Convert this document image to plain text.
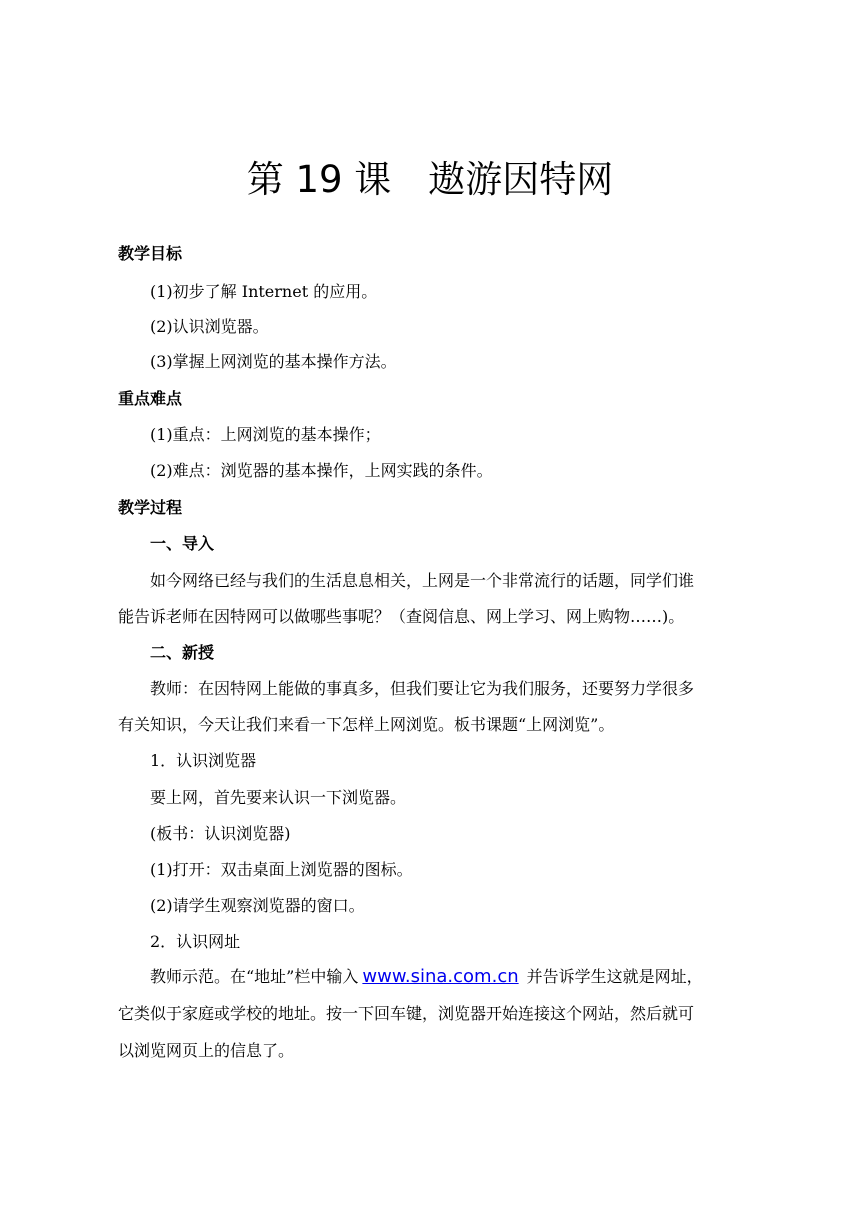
第 19 课　遨游因特网
教学目标
(1)初步了解 Internet 的应用。
(2)认识浏览器。
(3)掌握上网浏览的基本操作方法。
重点难点
(1)重点：上网浏览的基本操作；
(2)难点：浏览器的基本操作，上网实践的条件。
教学过程
一、导入
如今网络已经与我们的生活息息相关，上网是一个非常流行的话题，同学们谁
能告诉老师在因特网可以做哪些事呢？（查阅信息、网上学习、网上购物……)。
二、新授
教师：在因特网上能做的事真多，但我们要让它为我们服务，还要努力学很多
有关知识，今天让我们来看一下怎样上网浏览。板书课题“上网浏览”。
1．认识浏览器
要上网，首先要来认识一下浏览器。
(板书：认识浏览器)
(1)打开：双击桌面上浏览器的图标。
(2)请学生观察浏览器的窗口。
2．认识网址
教师示范。在“地址”栏中输入 www.sina.com.cn 并告诉学生这就是网址，
它类似于家庭或学校的地址。按一下回车键，浏览器开始连接这个网站，然后就可
以浏览网页上的信息了。
